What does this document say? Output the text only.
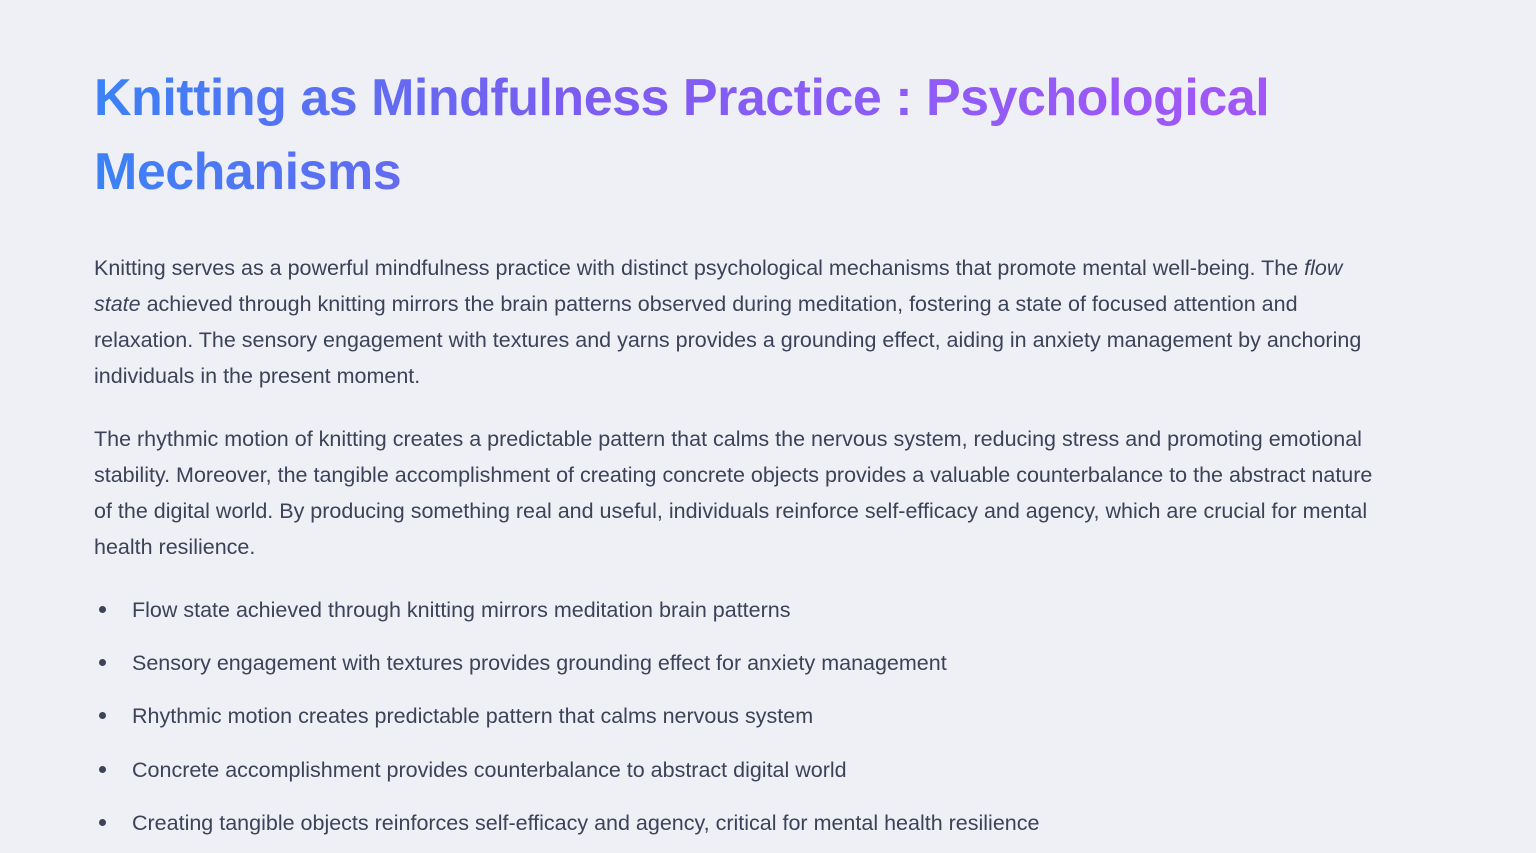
Knitting as Mindfulness Practice : Psychological Mechanisms

Knitting serves as a powerful mindfulness practice with distinct psychological mechanisms that promote mental well-being. The flow state achieved through knitting mirrors the brain patterns observed during meditation, fostering a state of focused attention and relaxation. The sensory engagement with textures and yarns provides a grounding effect, aiding in anxiety management by anchoring individuals in the present moment.

The rhythmic motion of knitting creates a predictable pattern that calms the nervous system, reducing stress and promoting emotional stability. Moreover, the tangible accomplishment of creating concrete objects provides a valuable counterbalance to the abstract nature of the digital world. By producing something real and useful, individuals reinforce self-efficacy and agency, which are crucial for mental health resilience.

Flow state achieved through knitting mirrors meditation brain patterns
Sensory engagement with textures provides grounding effect for anxiety management
Rhythmic motion creates predictable pattern that calms nervous system
Concrete accomplishment provides counterbalance to abstract digital world
Creating tangible objects reinforces self-efficacy and agency, critical for mental health resilience
